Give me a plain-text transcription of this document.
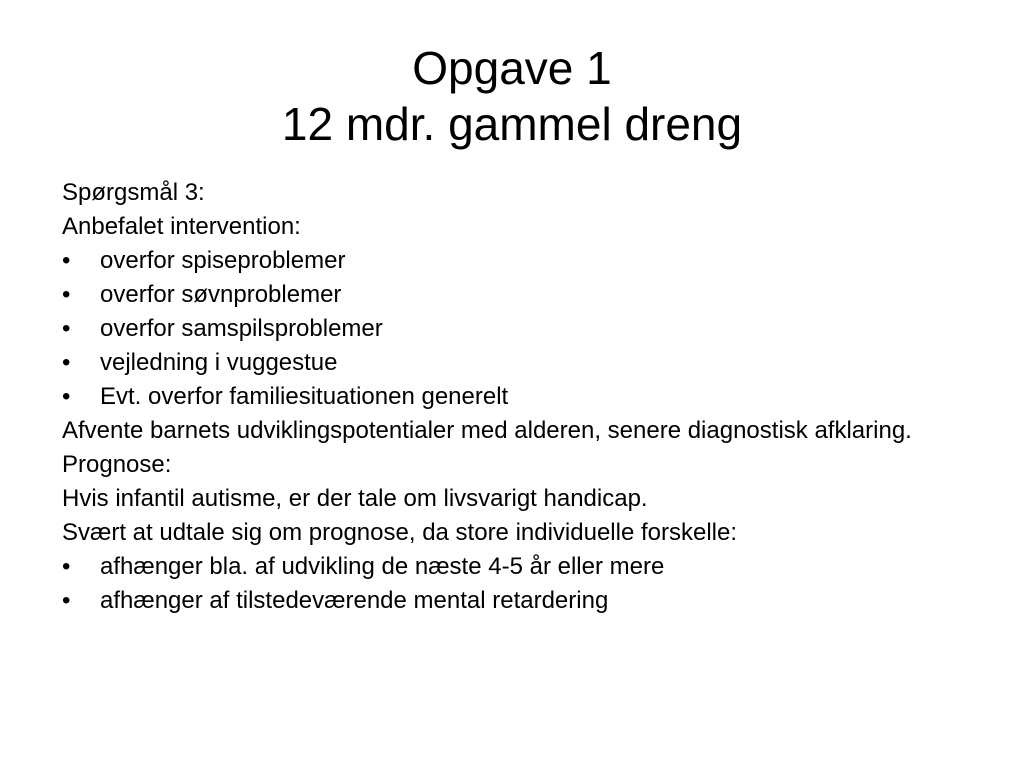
Opgave 1
12 mdr. gammel dreng
Spørgsmål 3:
Anbefalet intervention:
• overfor spiseproblemer
• overfor søvnproblemer
• overfor samspilsproblemer
• vejledning i vuggestue
• Evt. overfor familiesituationen generelt
Afvente barnets udviklingspotentialer med alderen, senere diagnostisk afklaring.
Prognose:
Hvis infantil autisme, er der tale om livsvarigt handicap.
Svært at udtale sig om prognose, da store individuelle forskelle:
• afhænger bla. af udvikling de næste 4-5 år eller mere
• afhænger af tilstedeværende mental retardering
